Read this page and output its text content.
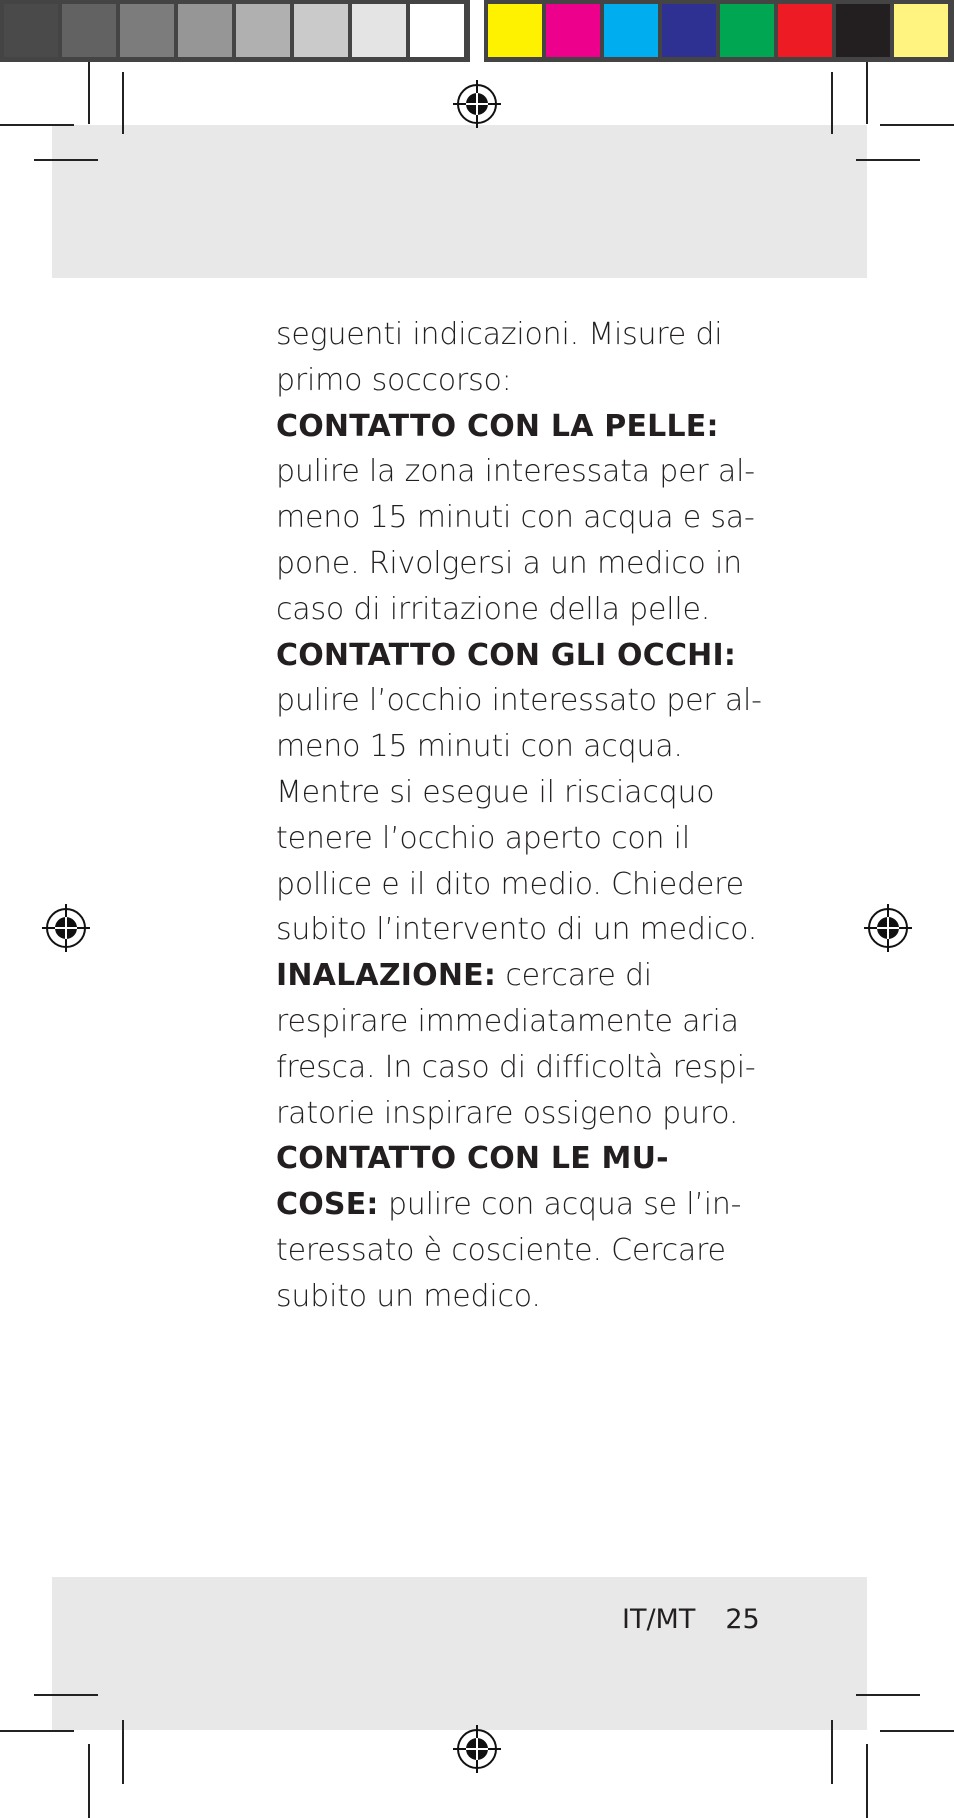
seguenti indicazioni. Misure di
primo soccorso:
CONTATTO CON LA PELLE:
pulire la zona interessata per al-
meno 15 minuti con acqua e sa-
pone. Rivolgersi a un medico in
caso di irritazione della pelle.
CONTATTO CON GLI OCCHI:
pulire l’occhio interessato per al-
meno 15 minuti con acqua.
Mentre si esegue il risciacquo
tenere l’occhio aperto con il
pollice e il dito medio. Chiedere
subito l’intervento di un medico.
INALAZIONE: cercare di
respirare immediatamente aria
fresca. In caso di difficoltà respi-
ratorie inspirare ossigeno puro.
CONTATTO CON LE MU-
COSE: pulire con acqua se l’in-
teressato è cosciente. Cercare
subito un medico.
IT/MT 25
